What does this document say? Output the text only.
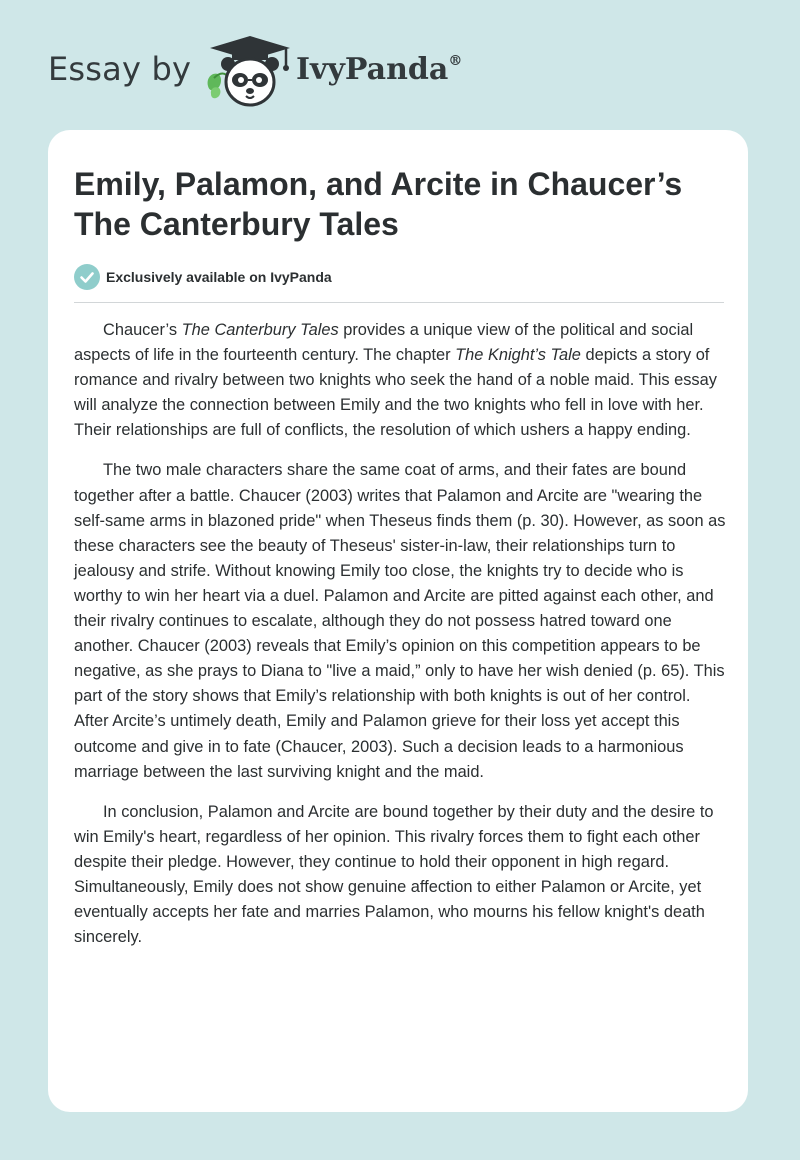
Essay by	IvyPanda®
Emily, Palamon, and Arcite in Chaucer’s The Canterbury Tales
Exclusively available on IvyPanda

Chaucer’s The Canterbury Tales provides a unique view of the political and social aspects of life in the fourteenth century. The chapter The Knight’s Tale depicts a story of romance and rivalry between two knights who seek the hand of a noble maid. This essay will analyze the connection between Emily and the two knights who fell in love with her. Their relationships are full of conflicts, the resolution of which ushers a happy ending.

The two male characters share the same coat of arms, and their fates are bound together after a battle. Chaucer (2003) writes that Palamon and Arcite are "wearing the self-same arms in blazoned pride" when Theseus finds them (p. 30). However, as soon as these characters see the beauty of Theseus' sister-in-law, their relationships turn to jealousy and strife. Without knowing Emily too close, the knights try to decide who is worthy to win her heart via a duel. Palamon and Arcite are pitted against each other, and their rivalry continues to escalate, although they do not possess hatred toward one another. Chaucer (2003) reveals that Emily’s opinion on this competition appears to be negative, as she prays to Diana to "live a maid,” only to have her wish denied (p. 65). This part of the story shows that Emily’s relationship with both knights is out of her control. After Arcite’s untimely death, Emily and Palamon grieve for their loss yet accept this outcome and give in to fate (Chaucer, 2003). Such a decision leads to a harmonious marriage between the last surviving knight and the maid.

In conclusion, Palamon and Arcite are bound together by their duty and the desire to win Emily's heart, regardless of her opinion. This rivalry forces them to fight each other despite their pledge. However, they continue to hold their opponent in high regard. Simultaneously, Emily does not show genuine affection to either Palamon or Arcite, yet eventually accepts her fate and marries Palamon, who mourns his fellow knight's death sincerely.
